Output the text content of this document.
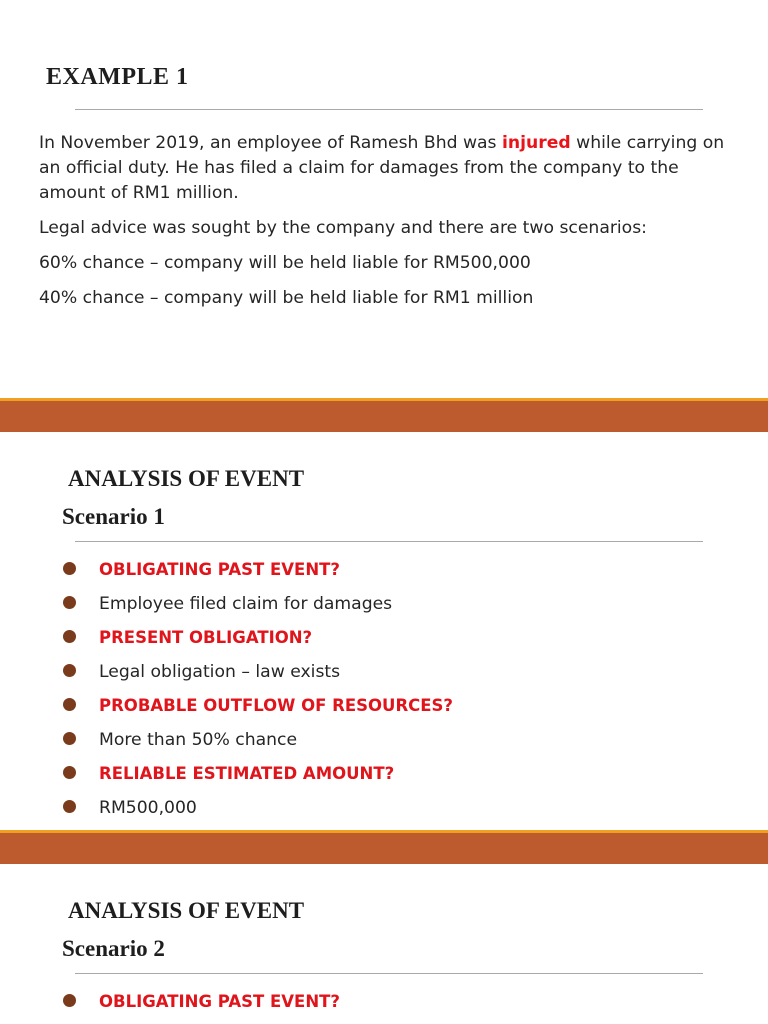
EXAMPLE 1

In November 2019, an employee of Ramesh Bhd was injured while carrying on an official duty. He has filed a claim for damages from the company to the amount of RM1 million.

Legal advice was sought by the company and there are two scenarios:

60% chance – company will be held liable for RM500,000

40% chance – company will be held liable for RM1 million

ANALYSIS OF EVENT
Scenario 1
OBLIGATING PAST EVENT?
Employee filed claim for damages
PRESENT OBLIGATION?
Legal obligation – law exists
PROBABLE OUTFLOW OF RESOURCES?
More than 50% chance
RELIABLE ESTIMATED AMOUNT?
RM500,000
ANALYSIS OF EVENT
Scenario 2
OBLIGATING PAST EVENT?
